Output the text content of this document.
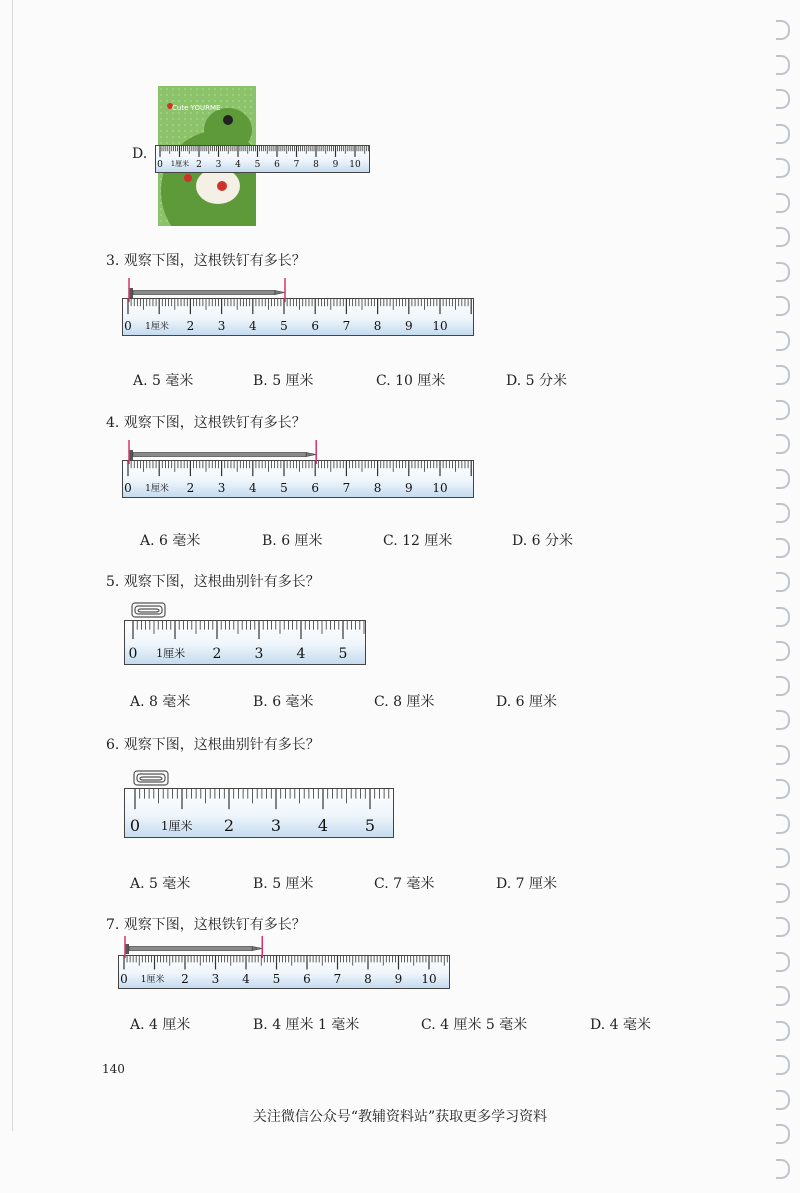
D.
Cute YOURME
0	2 3 4 5 6 7 8 9 10
1厘米
3. 观察下图，这根铁钉有多长？
0	2 3 4 5 6 7 8 9 10
1厘米
A. 5 毫米	B. 5 厘米	C. 10 厘米	D. 5 分米
4. 观察下图，这根铁钉有多长？
0	2 3 4 5 6 7 8 9 10
1厘米
A. 6 毫米	B. 6 厘米	C. 12 厘米	D. 6 分米
5. 观察下图，这根曲别针有多长？
0	2 3 4 5
1厘米
A. 8 毫米	B. 6 毫米	C. 8 厘米	D. 6 厘米
6. 观察下图，这根曲别针有多长？
0	2 3 4 5
1厘米
A. 5 毫米	B. 5 厘米	C. 7 毫米	D. 7 厘米
7. 观察下图，这根铁钉有多长？
0	2 3 4 5 6 7 8 9 10
1厘米
A. 4 厘米	B. 4 厘米 1 毫米	C. 4 厘米 5 毫米	D. 4 毫米
140
关注微信公众号“教辅资料站”获取更多学习资料
